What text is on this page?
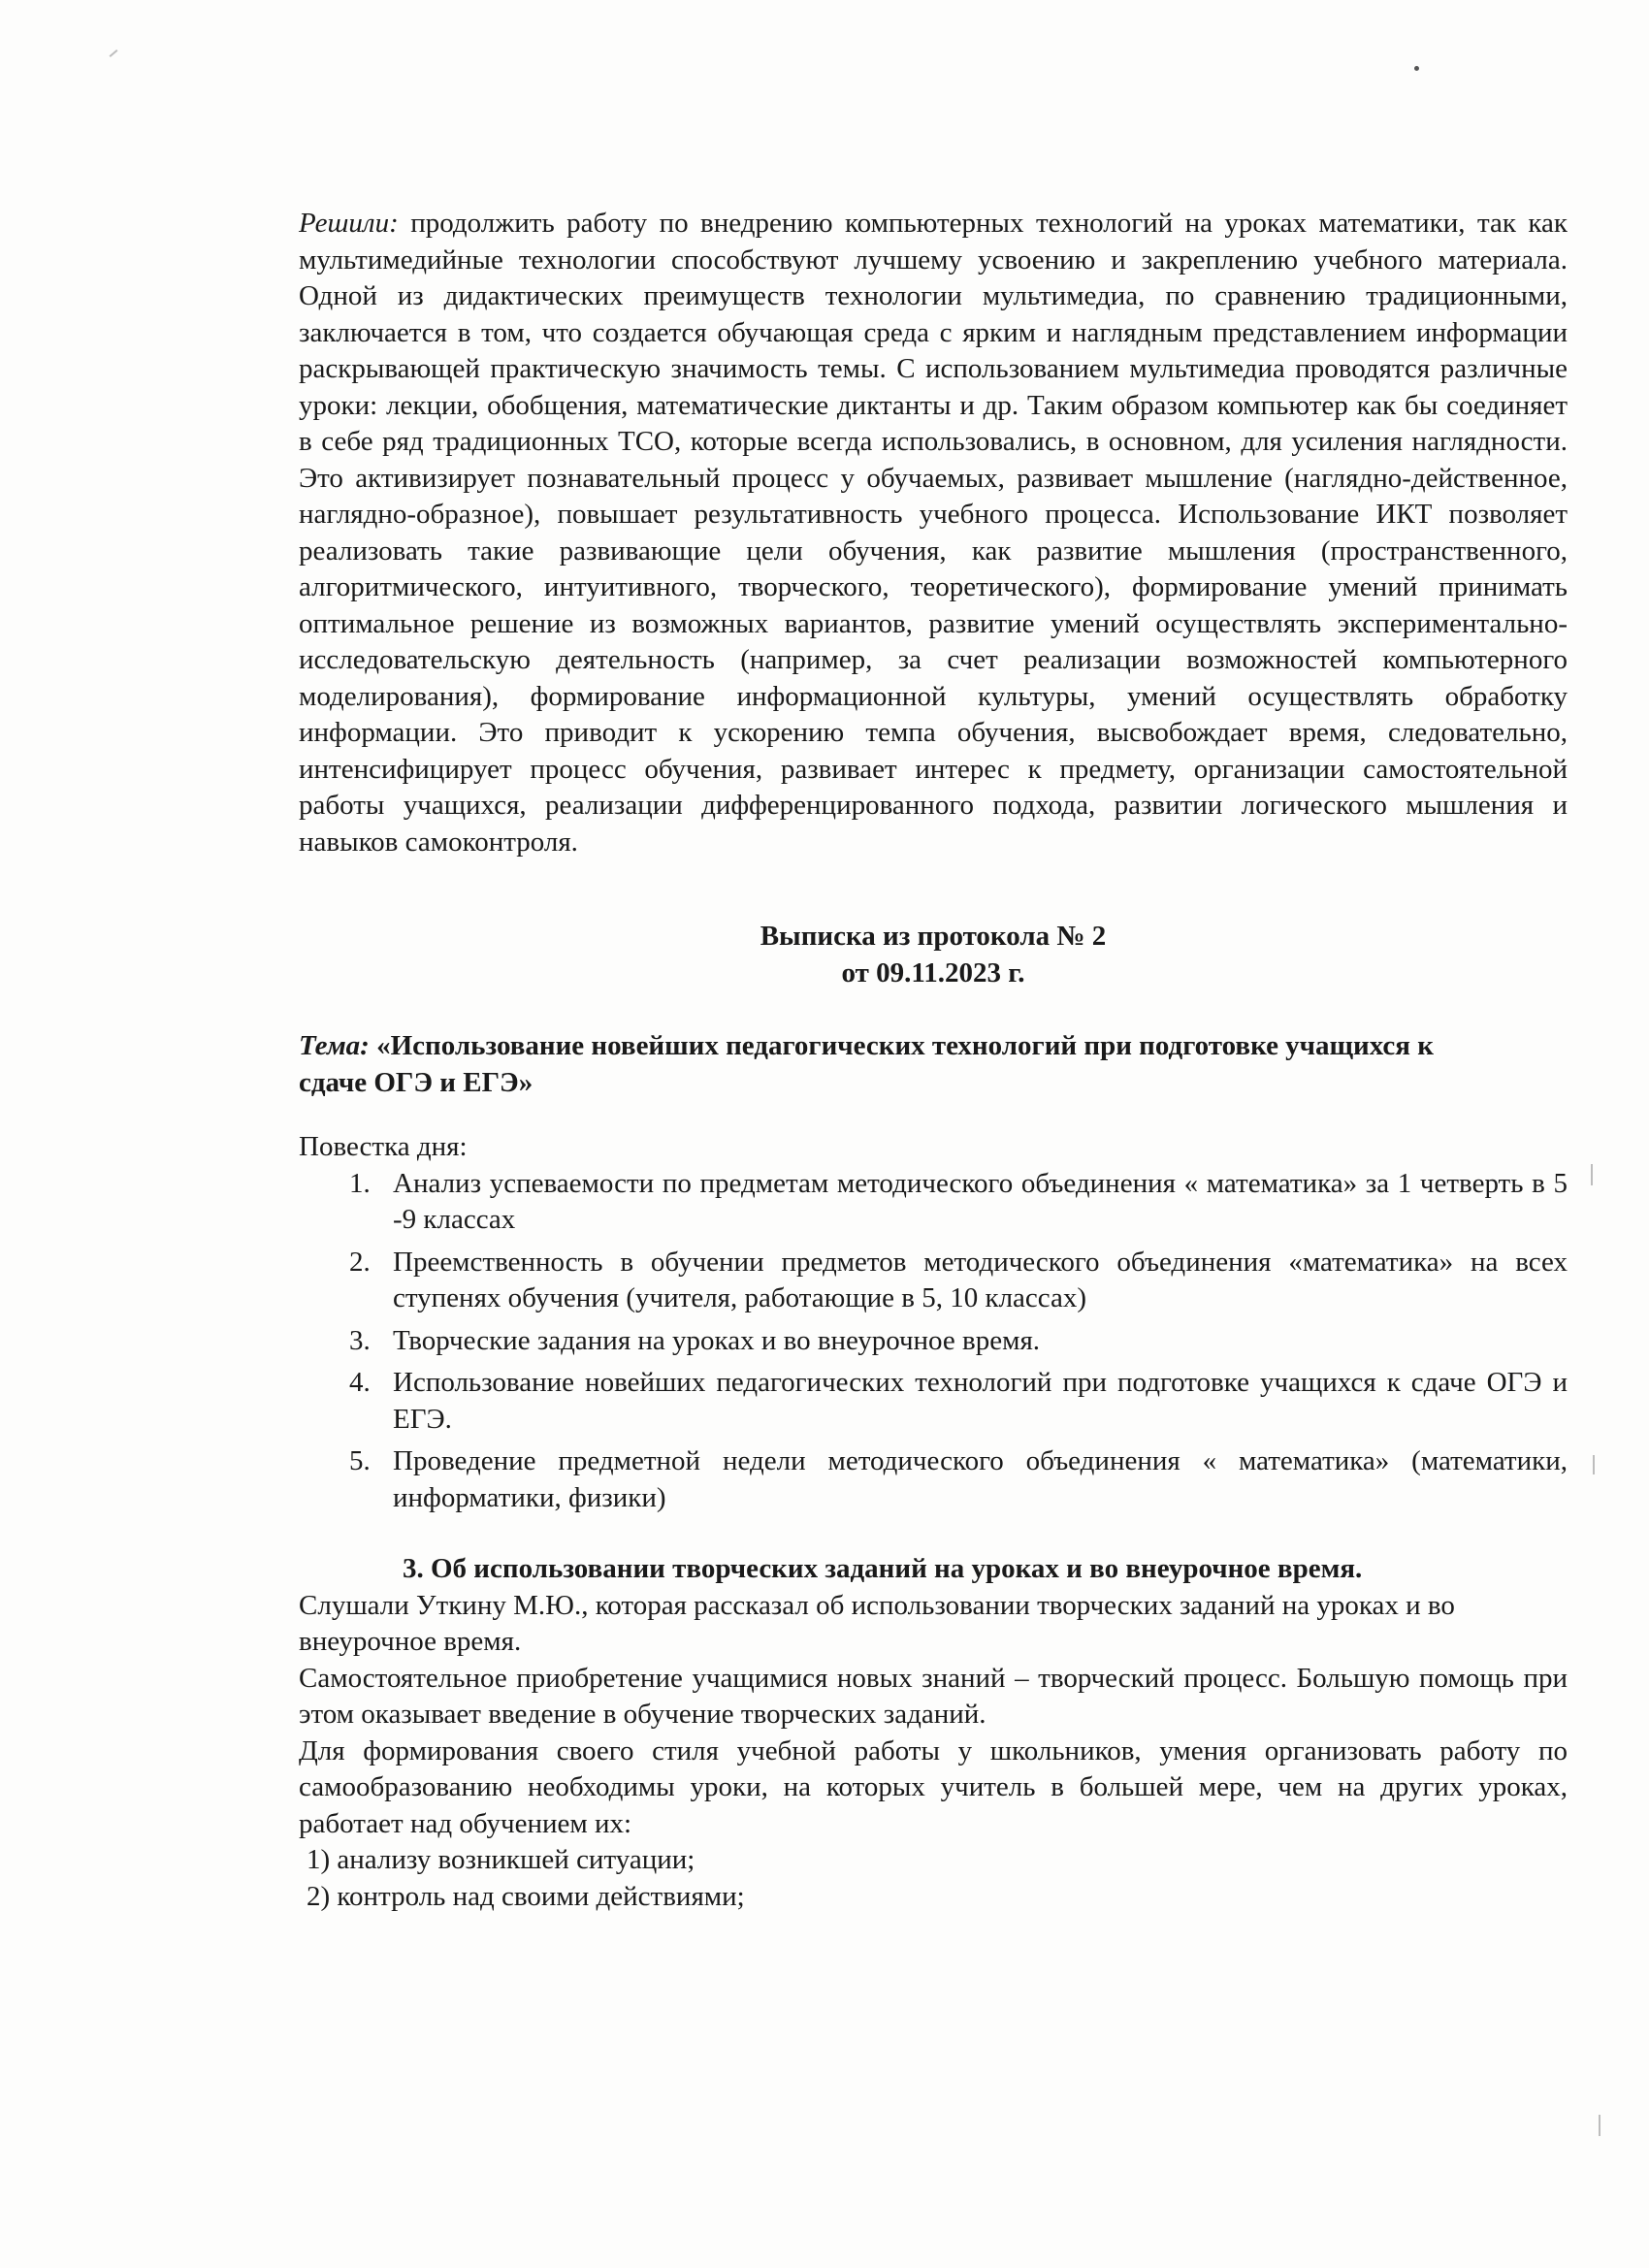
Решили: продолжить работу по внедрению компьютерных технологий на уроках математики, так как мультимедийные технологии способствуют лучшему усвоению и закреплению учебного материала. Одной из дидактических преимуществ технологии мультимедиа, по сравнению традиционными, заключается в том, что создается обучающая среда с ярким и наглядным представлением информации раскрывающей практическую значимость темы. С использованием мультимедиа проводятся различные уроки: лекции, обобщения, математические диктанты и др. Таким образом компьютер как бы соединяет в себе ряд традиционных ТСО, которые всегда использовались, в основном, для усиления наглядности. Это активизирует познавательный процесс у обучаемых, развивает мышление (наглядно-действенное, наглядно-образное), повышает результативность учебного процесса. Использование ИКТ позволяет реализовать такие развивающие цели обучения, как развитие мышления (пространственного, алгоритмического, интуитивного, творческого, теоретического), формирование умений принимать оптимальное решение из возможных вариантов, развитие умений осуществлять экспериментально-исследовательскую деятельность (например, за счет реализации возможностей компьютерного моделирования), формирование информационной культуры, умений осуществлять обработку информации. Это приводит к ускорению темпа обучения, высвобождает время, следовательно, интенсифицирует процесс обучения, развивает интерес к предмету, организации самостоятельной работы учащихся, реализации дифференцированного подхода, развитии логического мышления и навыков самоконтроля.

Выписка из протокола № 2

от 09.11.2023 г.

Тема: «Использование новейших педагогических технологий при подготовке учащихся к сдаче ОГЭ и ЕГЭ»

Повестка дня:

1. Анализ успеваемости по предметам методического объединения « математика» за 1 четверть в 5 -9 классах
2. Преемственность в обучении предметов методического объединения «математика» на всех ступенях обучения (учителя, работающие в 5, 10 классах)
3. Творческие задания на уроках и во внеурочное время.
4. Использование новейших педагогических технологий при подготовке учащихся к сдаче ОГЭ и ЕГЭ.
5. Проведение предметной недели методического объединения « математика» (математики, информатики, физики)

3. Об использовании творческих заданий на уроках и во внеурочное время.

Слушали Уткину М.Ю., которая рассказал об использовании творческих заданий на уроках и во внеурочное время.

Самостоятельное приобретение учащимися новых знаний – творческий процесс. Большую помощь при этом оказывает введение в обучение творческих заданий.

Для формирования своего стиля учебной работы у школьников, умения организовать работу по самообразованию необходимы уроки, на которых учитель в большей мере, чем на других уроках, работает над обучением их:

1) анализу возникшей ситуации;

2) контроль над своими действиями;
